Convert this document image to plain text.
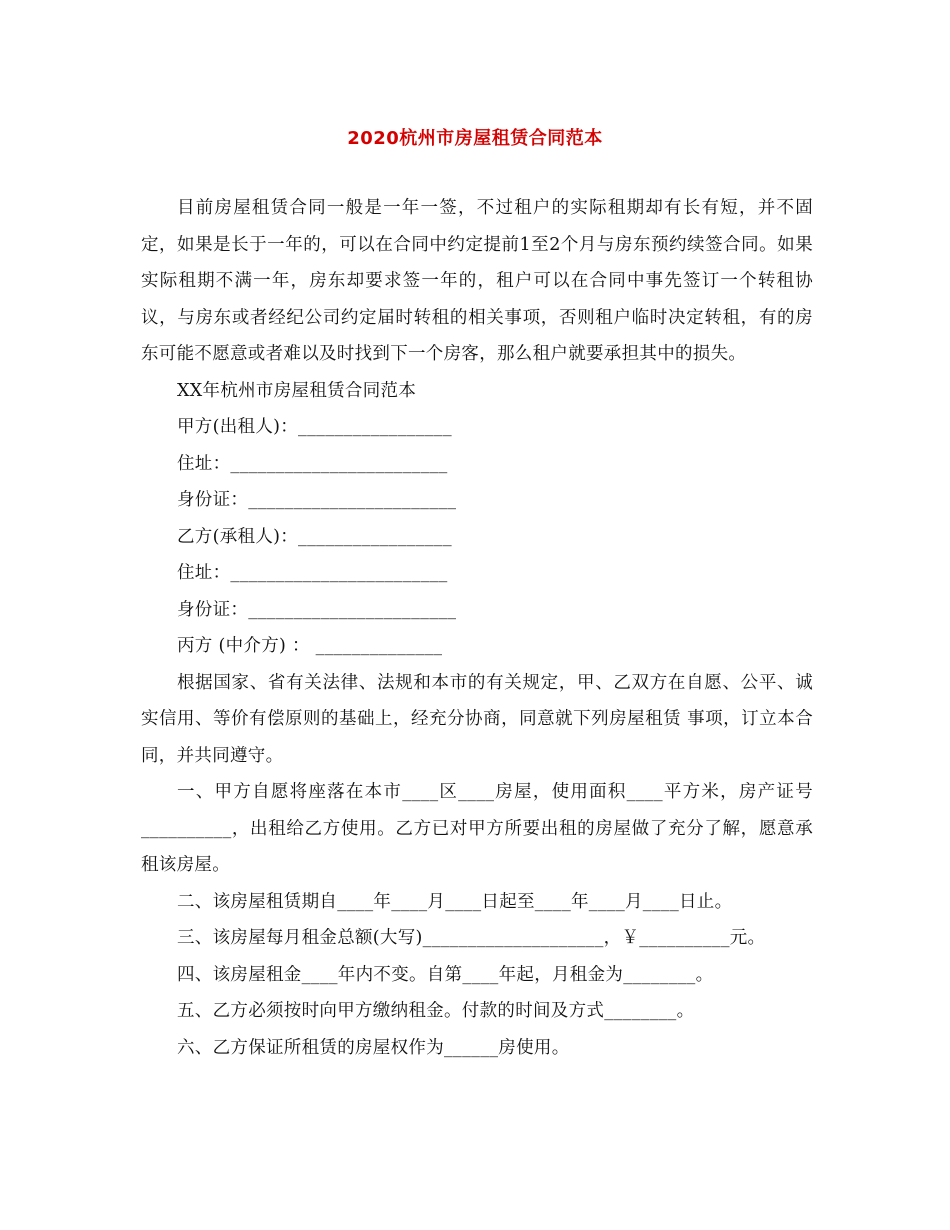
2020杭州市房屋租赁合同范本

目前房屋租赁合同一般是一年一签，不过租户的实际租期却有长有短，并不固定，如果是长于一年的，可以在合同中约定提前1至2个月与房东预约续签合同。如果实际租期不满一年，房东却要求签一年的，租户可以在合同中事先签订一个转租协议，与房东或者经纪公司约定届时转租的相关事项，否则租户临时决定转租，有的房东可能不愿意或者难以及时找到下一个房客，那么租户就要承担其中的损失。

XX年杭州市房屋租赁合同范本

甲方(出租人)：_________________

住址：________________________

身份证：_______________________

乙方(承租人)：_________________

住址：________________________

身份证：_______________________

丙方 (中介方) ： ______________

根据国家、省有关法律、法规和本市的有关规定，甲、乙双方在自愿、公平、诚实信用、等价有偿原则的基础上，经充分协商，同意就下列房屋租赁 事项，订立本合同，并共同遵守。

一、甲方自愿将座落在本市____区____房屋，使用面积____平方米，房产证号__________，出租给乙方使用。乙方已对甲方所要出租的房屋做了充分了解，愿意承租该房屋。

二、该房屋租赁期自____年____月____日起至____年____月____日止。

三、该房屋每月租金总额(大写)____________________，￥__________元。

四、该房屋租金____年内不变。自第____年起，月租金为________。

五、乙方必须按时向甲方缴纳租金。付款的时间及方式________。

六、乙方保证所租赁的房屋权作为______房使用。
